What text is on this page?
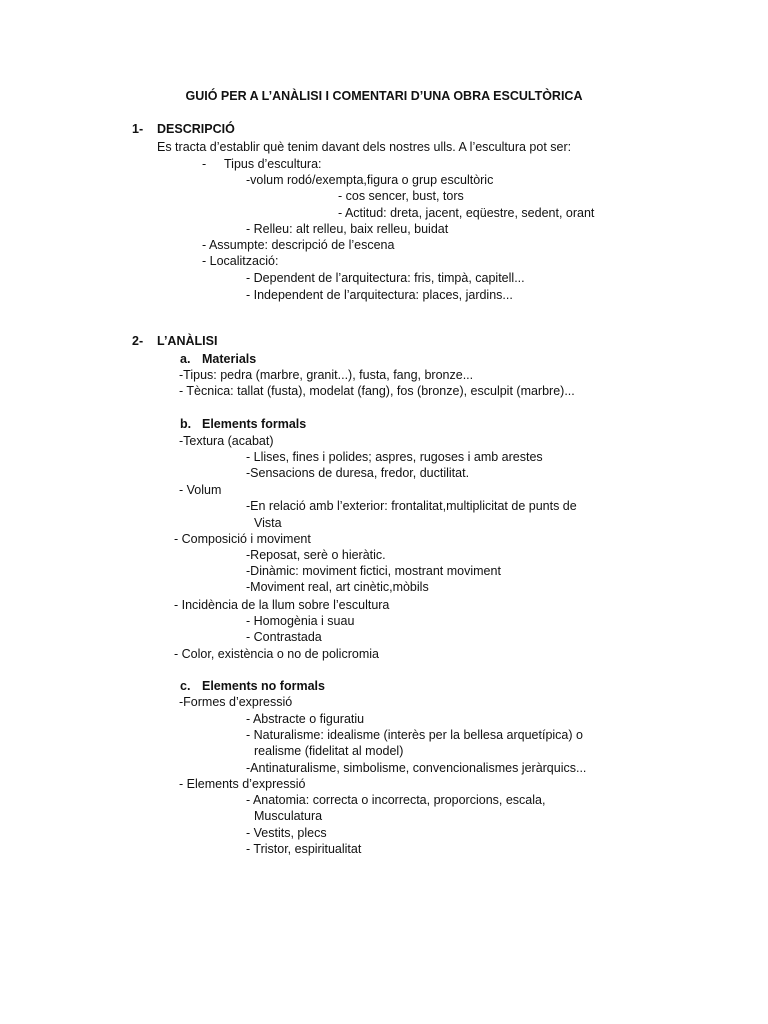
GUIÓ PER A L’ANÀLISI I COMENTARI D’UNA OBRA ESCULTÒRICA
1- DESCRIPCIÓ
Es tracta d’establir què tenim davant dels nostres ulls. A l’escultura pot ser:
- Tipus d’escultura:
-volum rodó/exempta,figura o grup escultòric
- cos sencer, bust, tors
- Actitud: dreta, jacent, eqüestre, sedent, orant
- Relleu: alt relleu, baix relleu, buidat
- Assumpte: descripció de l’escena
- Localització:
- Dependent de l’arquitectura: fris, timpà, capitell...
- Independent de l’arquitectura: places, jardins...
2- L’ANÀLISI
a. Materials
-Tipus: pedra (marbre, granit...), fusta, fang, bronze...
- Tècnica: tallat (fusta), modelat (fang), fos (bronze), esculpit (marbre)...
b. Elements formals
-Textura (acabat)
- Llises, fines i polides; aspres, rugoses i amb arestes
-Sensacions de duresa, fredor, ductilitat.
- Volum
-En relació amb l’exterior: frontalitat,multiplicitat de punts de
Vista
- Composició i moviment
-Reposat, serè o hieràtic.
-Dinàmic: moviment fictici, mostrant moviment
-Moviment real, art cinètic,mòbils
- Incidència de la llum sobre l’escultura
- Homogènia i suau
- Contrastada
- Color, existència o no de policromia
c. Elements no formals
-Formes d’expressió
- Abstracte o figuratiu
- Naturalisme: idealisme (interès per la bellesa arquetípica) o
realisme (fidelitat al model)
-Antinaturalisme, simbolisme, convencionalismes jeràrquics...
- Elements d’expressió
- Anatomia: correcta o incorrecta, proporcions, escala,
Musculatura
- Vestits, plecs
- Tristor, espiritualitat
